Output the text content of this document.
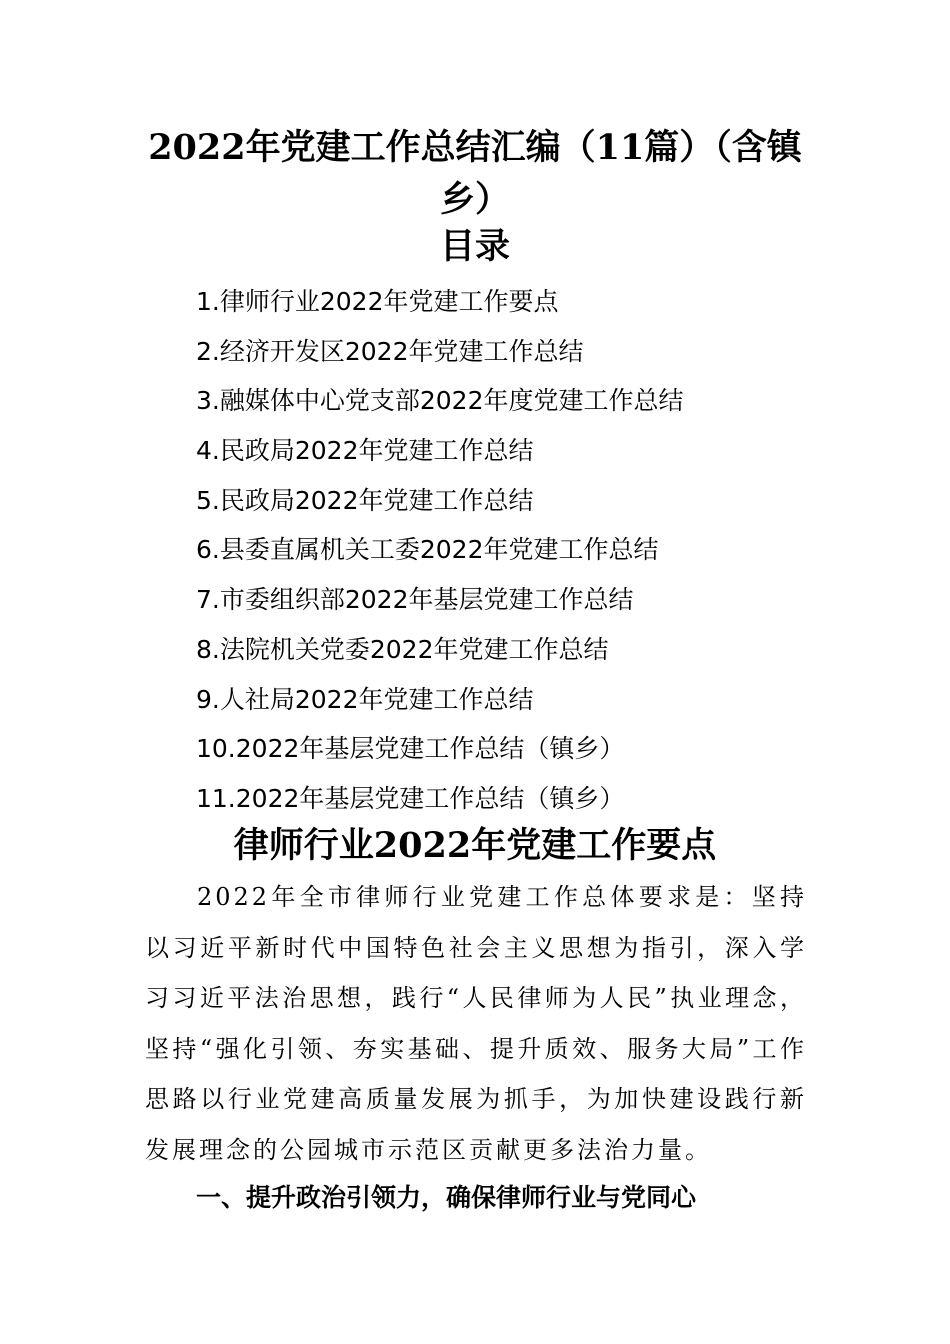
2022年党建工作总结汇编（11篇）（含镇乡）
目录
1.律师行业2022年党建工作要点
2.经济开发区2022年党建工作总结
3.融媒体中心党支部2022年度党建工作总结
4.民政局2022年党建工作总结
5.民政局2022年党建工作总结
6.县委直属机关工委2022年党建工作总结
7.市委组织部2022年基层党建工作总结
8.法院机关党委2022年党建工作总结
9.人社局2022年党建工作总结
10.2022年基层党建工作总结（镇乡）
11.2022年基层党建工作总结（镇乡）
律师行业2022年党建工作要点

2022年全市律师行业党建工作总体要求是：坚持以习近平新时代中国特色社会主义思想为指引，深入学习习近平法治思想，践行“人民律师为人民”执业理念，坚持“强化引领、夯实基础、提升质效、服务大局”工作思路以行业党建高质量发展为抓手，为加快建设践行新发展理念的公园城市示范区贡献更多法治力量。

一、提升政治引领力，确保律师行业与党同心
